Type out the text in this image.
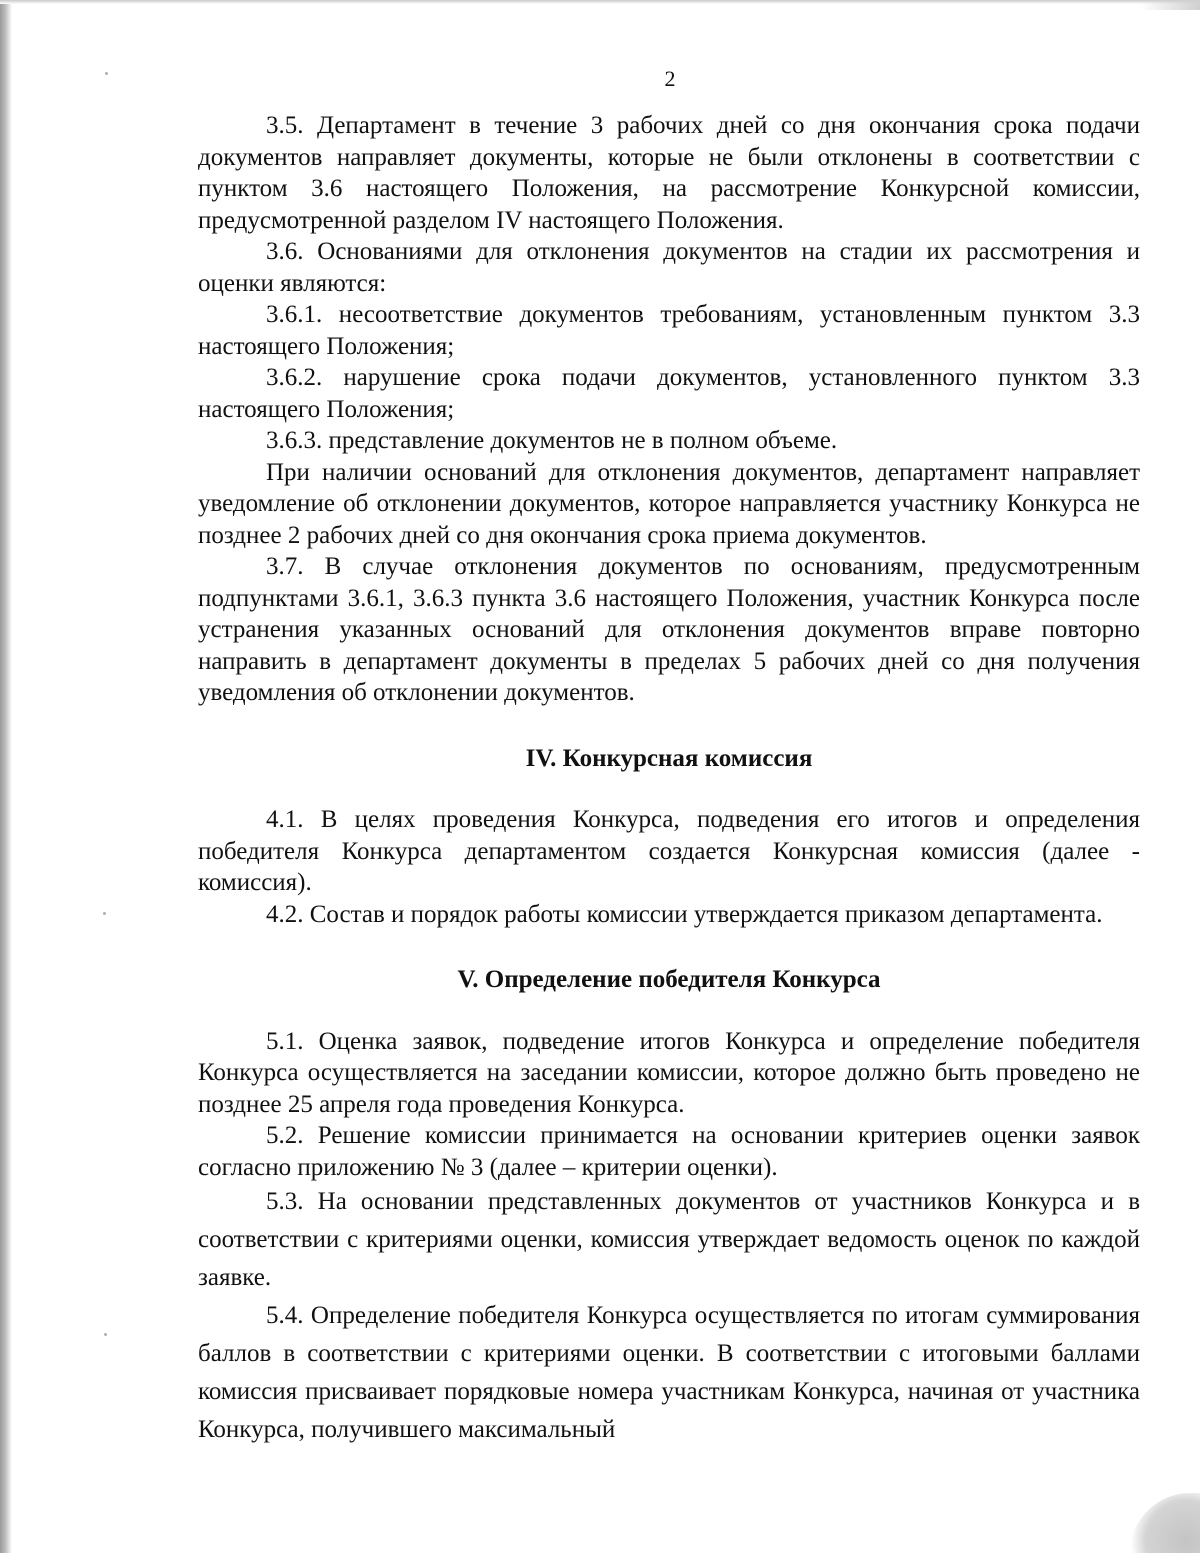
2

3.5. Департамент в течение 3 рабочих дней со дня окончания срока подачи документов направляет документы, которые не были отклонены в соответствии с пунктом 3.6 настоящего Положения, на рассмотрение Конкурсной комиссии, предусмотренной разделом IV настоящего Положения.

3.6. Основаниями для отклонения документов на стадии их рассмотрения и оценки являются:

3.6.1. несоответствие документов требованиям, установленным пунктом 3.3 настоящего Положения;

3.6.2. нарушение срока подачи документов, установленного пунктом 3.3 настоящего Положения;

3.6.3. представление документов не в полном объеме.

При наличии оснований для отклонения документов, департамент направляет уведомление об отклонении документов, которое направляется участнику Конкурса не позднее 2 рабочих дней со дня окончания срока приема документов.

3.7. В случае отклонения документов по основаниям, предусмотренным подпунктами 3.6.1, 3.6.3 пункта 3.6 настоящего Положения, участник Конкурса после устранения указанных оснований для отклонения документов вправе повторно направить в департамент документы в пределах 5 рабочих дней со дня получения уведомления об отклонении документов.

IV. Конкурсная комиссия

4.1. В целях проведения Конкурса, подведения его итогов и определения победителя Конкурса департаментом создается Конкурсная комиссия (далее - комиссия).

4.2. Состав и порядок работы комиссии утверждается приказом департамента.

V. Определение победителя Конкурса

5.1. Оценка заявок, подведение итогов Конкурса и определение победителя Конкурса осуществляется на заседании комиссии, которое должно быть проведено не позднее 25 апреля года проведения Конкурса.

5.2. Решение комиссии принимается на основании критериев оценки заявок согласно приложению № 3 (далее – критерии оценки).

5.3. На основании представленных документов от участников Конкурса и в соответствии с критериями оценки, комиссия утверждает ведомость оценок по каждой заявке.

5.4. Определение победителя Конкурса осуществляется по итогам суммирования баллов в соответствии с критериями оценки. В соответствии с итоговыми баллами комиссия присваивает порядковые номера участникам Конкурса, начиная от участника Конкурса, получившего максимальный
